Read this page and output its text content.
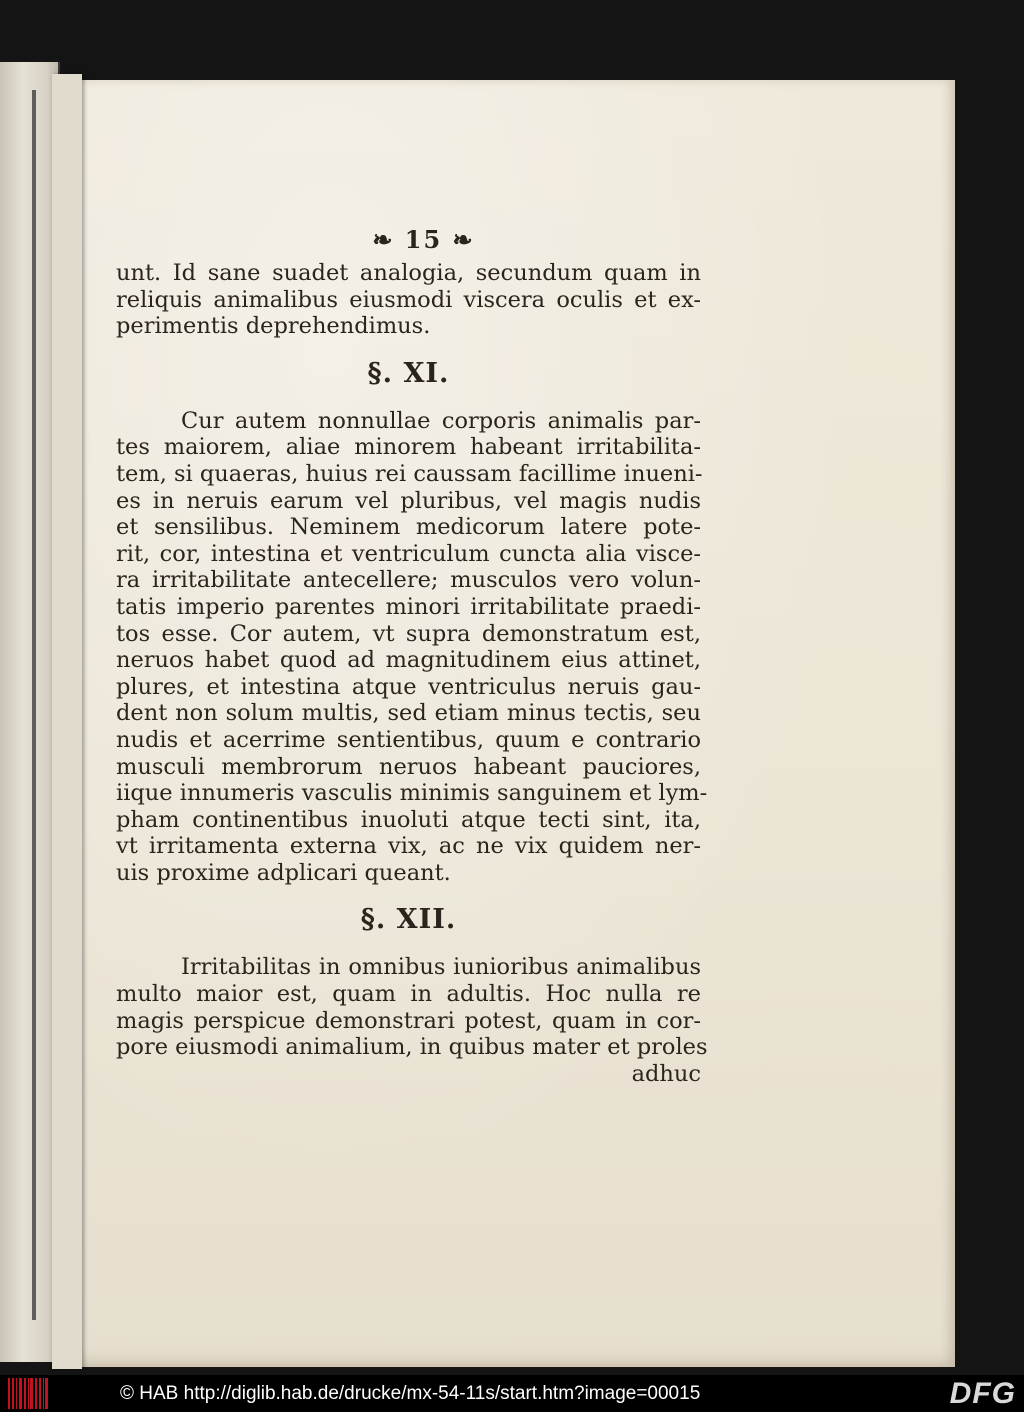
❧ 15 ❧
unt. Id sane suadet analogia, secundum quam in
reliquis animalibus eiusmodi viscera oculis et ex-
perimentis deprehendimus.
§. XI.
Cur autem nonnullae corporis animalis par-
tes maiorem, aliae minorem habeant irritabilita-
tem, si quaeras, huius rei caussam facillime inueni-
es in neruis earum vel pluribus, vel magis nudis
et sensilibus. Neminem medicorum latere pote-
rit, cor, intestina et ventriculum cuncta alia visce-
ra irritabilitate antecellere; musculos vero volun-
tatis imperio parentes minori irritabilitate praedi-
tos esse. Cor autem, vt supra demonstratum est,
neruos habet quod ad magnitudinem eius attinet,
plures, et intestina atque ventriculus neruis gau-
dent non solum multis, sed etiam minus tectis, seu
nudis et acerrime sentientibus, quum e contrario
musculi membrorum neruos habeant pauciores,
iique innumeris vasculis minimis sanguinem et lym-
pham continentibus inuoluti atque tecti sint, ita,
vt irritamenta externa vix, ac ne vix quidem ner-
uis proxime adplicari queant.
§. XII.
Irritabilitas in omnibus iunioribus animalibus
multo maior est, quam in adultis. Hoc nulla re
magis perspicue demonstrari potest, quam in cor-
pore eiusmodi animalium, in quibus mater et proles
adhuc
© HAB http://diglib.hab.de/drucke/mx-54-11s/start.htm?image=00015	DFG
